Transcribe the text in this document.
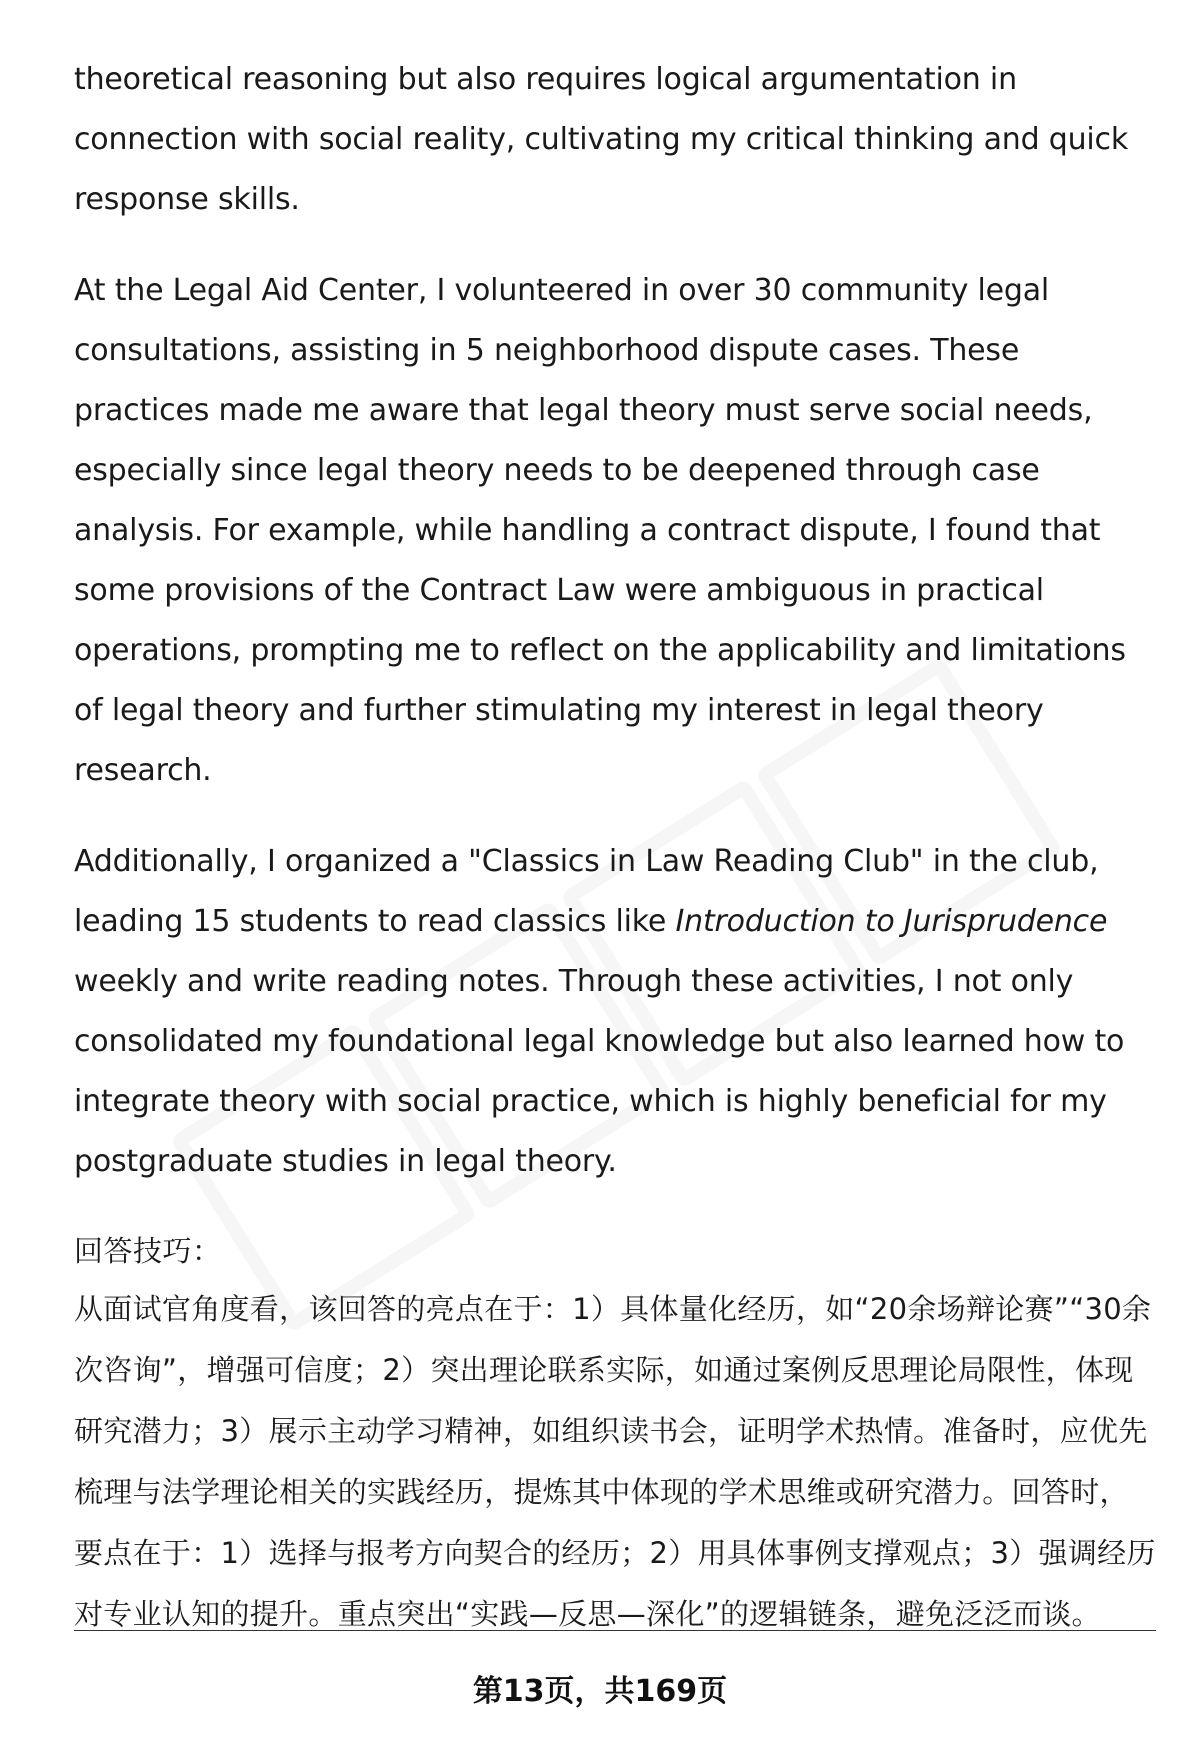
theoretical reasoning but also requires logical argumentation in connection with social reality, cultivating my critical thinking and quick response skills.

At the Legal Aid Center, I volunteered in over 30 community legal consultations, assisting in 5 neighborhood dispute cases. These practices made me aware that legal theory must serve social needs, especially since legal theory needs to be deepened through case analysis. For example, while handling a contract dispute, I found that some provisions of the Contract Law were ambiguous in practical operations, prompting me to reflect on the applicability and limitations of legal theory and further stimulating my interest in legal theory research.

Additionally, I organized a "Classics in Law Reading Club" in the club, leading 15 students to read classics like Introduction to Jurisprudence weekly and write reading notes. Through these activities, I not only consolidated my foundational legal knowledge but also learned how to integrate theory with social practice, which is highly beneficial for my postgraduate studies in legal theory.

回答技巧：

从面试官角度看，该回答的亮点在于：1）具体量化经历，如“20余场辩论赛”“30余次咨询”，增强可信度；2）突出理论联系实际，如通过案例反思理论局限性，体现研究潜力；3）展示主动学习精神，如组织读书会，证明学术热情。准备时，应优先梳理与法学理论相关的实践经历，提炼其中体现的学术思维或研究潜力。回答时，要点在于：1）选择与报考方向契合的经历；2）用具体事例支撑观点；3）强调经历对专业认知的提升。重点突出“实践—反思—深化”的逻辑链条，避免泛泛而谈。

第13页，共169页
